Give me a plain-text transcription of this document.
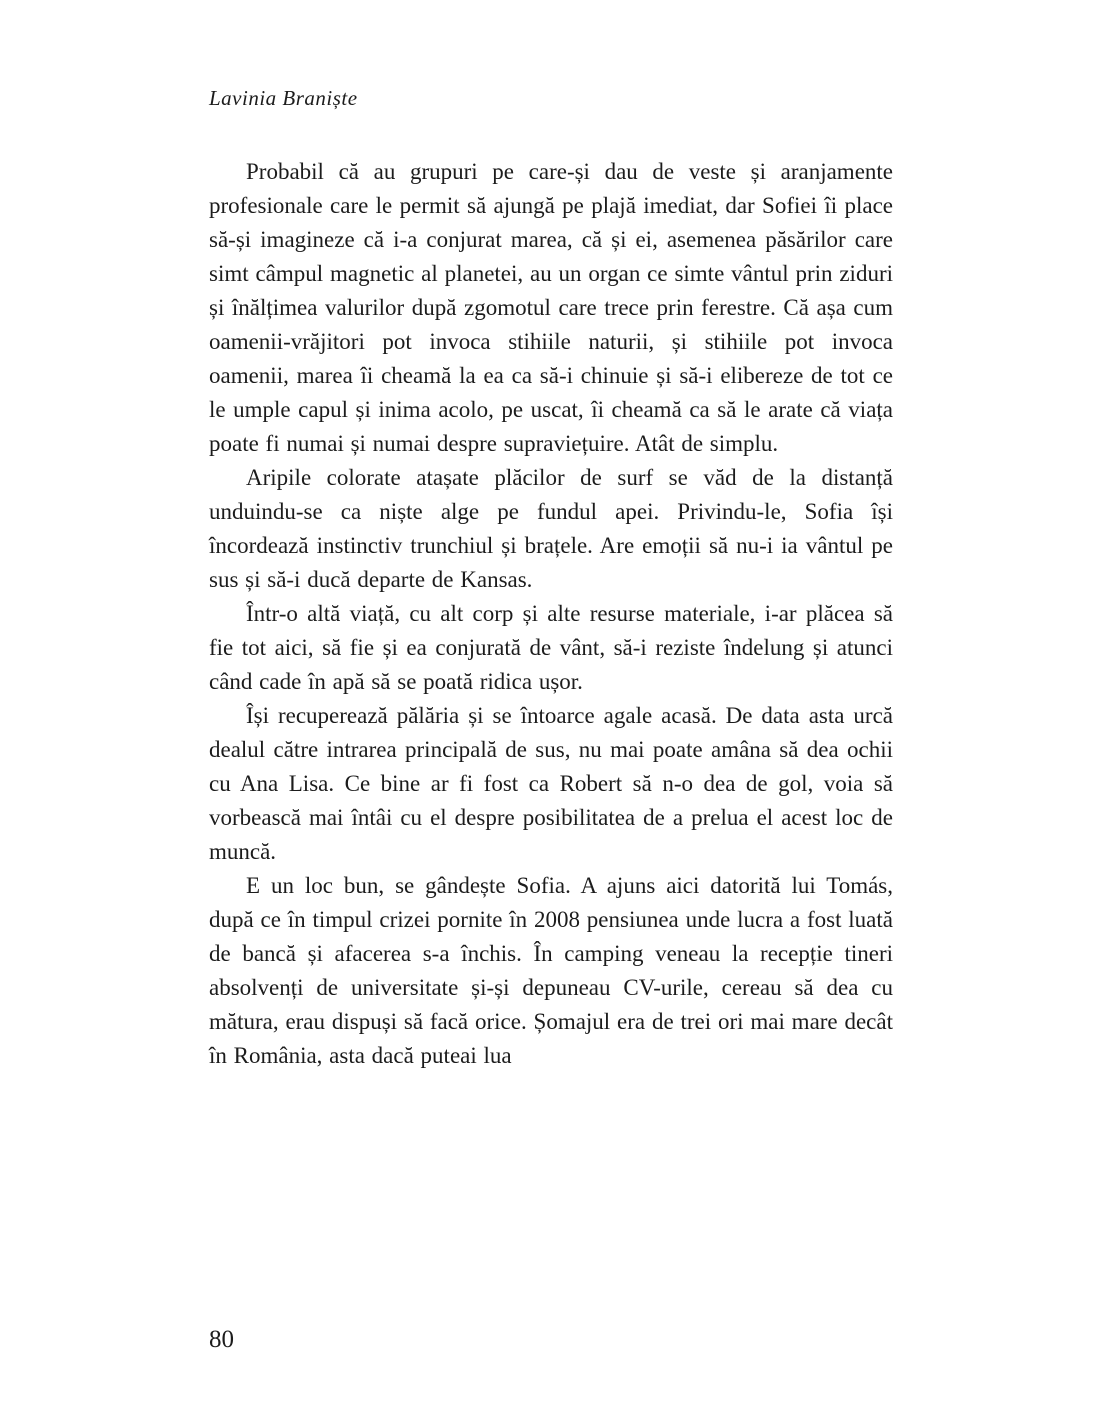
Lavinia Braniște

Probabil că au grupuri pe care-și dau de veste și aranjamente profesionale care le permit să ajungă pe plajă imediat, dar Sofiei îi place să-și imagineze că i-a conjurat marea, că și ei, asemenea păsărilor care simt câmpul magnetic al planetei, au un organ ce simte vântul prin ziduri și înălțimea valurilor după zgomotul care trece prin ferestre. Că așa cum oamenii-vrăjitori pot invoca stihiile naturii, și stihiile pot invoca oamenii, marea îi cheamă la ea ca să-i chinuie și să-i elibereze de tot ce le umple capul și inima acolo, pe uscat, îi cheamă ca să le arate că viața poate fi numai și numai despre supraviețuire. Atât de simplu.

Aripile colorate atașate plăcilor de surf se văd de la distanță unduindu-se ca niște alge pe fundul apei. Privindu-le, Sofia își încordează instinctiv trunchiul și brațele. Are emoții să nu-i ia vântul pe sus și să-i ducă departe de Kansas.

Într-o altă viață, cu alt corp și alte resurse materiale, i-ar plăcea să fie tot aici, să fie și ea conjurată de vânt, să-i reziste îndelung și atunci când cade în apă să se poată ridica ușor.

Își recuperează pălăria și se întoarce agale acasă. De data asta urcă dealul către intrarea principală de sus, nu mai poate amâna să dea ochii cu Ana Lisa. Ce bine ar fi fost ca Robert să n-o dea de gol, voia să vorbească mai întâi cu el despre posibilitatea de a prelua el acest loc de muncă.

E un loc bun, se gândește Sofia. A ajuns aici datorită lui Tomás, după ce în timpul crizei pornite în 2008 pensiunea unde lucra a fost luată de bancă și afacerea s-a închis. În camping veneau la recepție tineri absolvenți de universitate și-și depuneau CV-urile, cereau să dea cu mătura, erau dispuși să facă orice. Șomajul era de trei ori mai mare decât în România, asta dacă puteai lua

80
